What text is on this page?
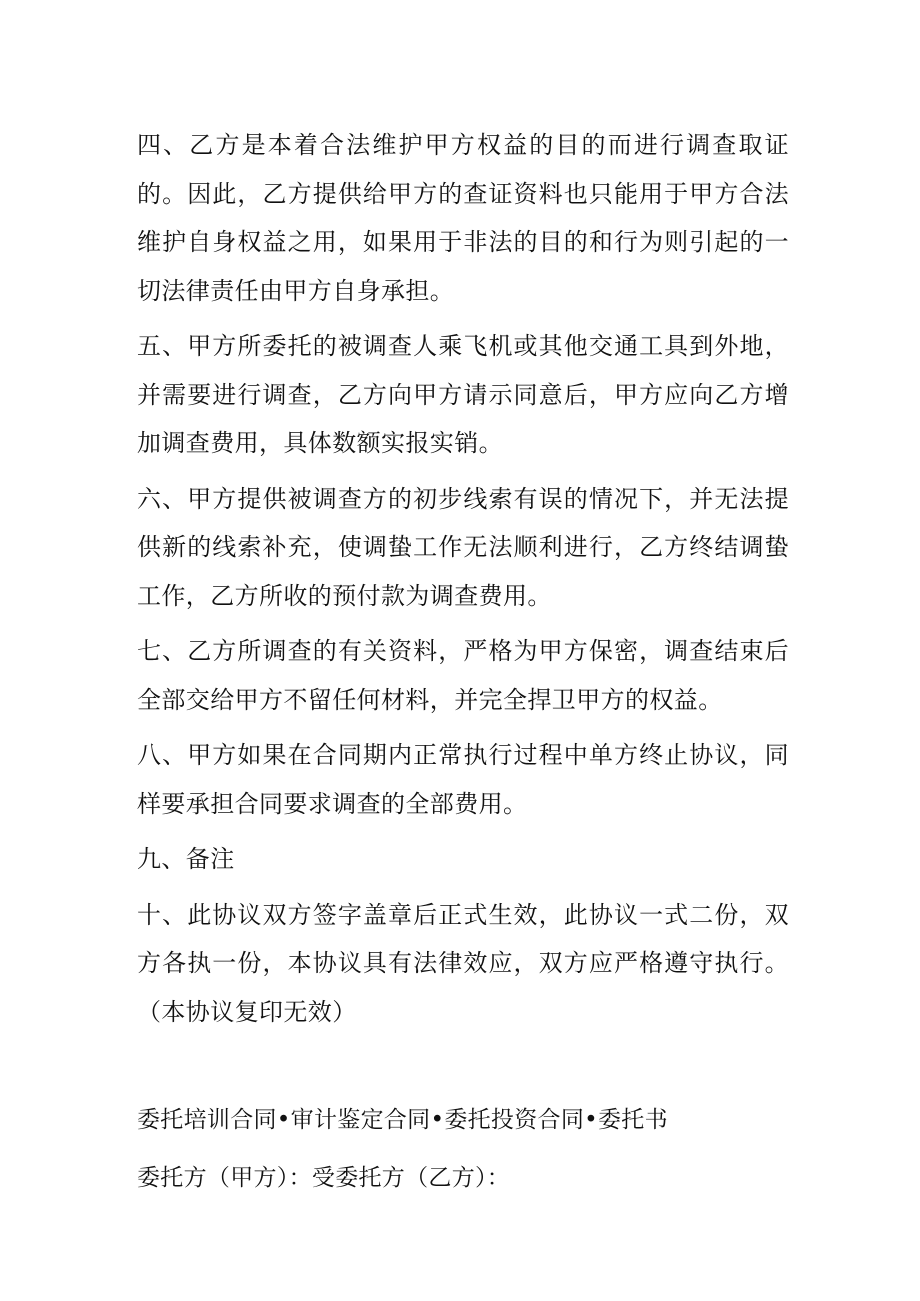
四、乙方是本着合法维护甲方权益的目的而进行调查取证的。因此，乙方提供给甲方的查证资料也只能用于甲方合法维护自身权益之用，如果用于非法的目的和行为则引起的一切法律责任由甲方自身承担。

五、甲方所委托的被调查人乘飞机或其他交通工具到外地，并需要进行调查，乙方向甲方请示同意后，甲方应向乙方增加调查费用，具体数额实报实销。

六、甲方提供被调查方的初步线索有误的情况下，并无法提供新的线索补充，使调蛰工作无法顺利进行，乙方终结调蛰工作，乙方所收的预付款为调查费用。

七、乙方所调查的有关资料，严格为甲方保密，调查结束后全部交给甲方不留任何材料，并完全捍卫甲方的权益。

八、甲方如果在合同期内正常执行过程中单方终止协议，同样要承担合同要求调查的全部费用。

九、备注

十、此协议双方签字盖章后正式生效，此协议一式二份，双方各执一份，本协议具有法律效应，双方应严格遵守执行。（本协议复印无效）

委托培训合同•审计鉴定合同•委托投资合同•委托书

委托方（甲方）：受委托方（乙方）：
